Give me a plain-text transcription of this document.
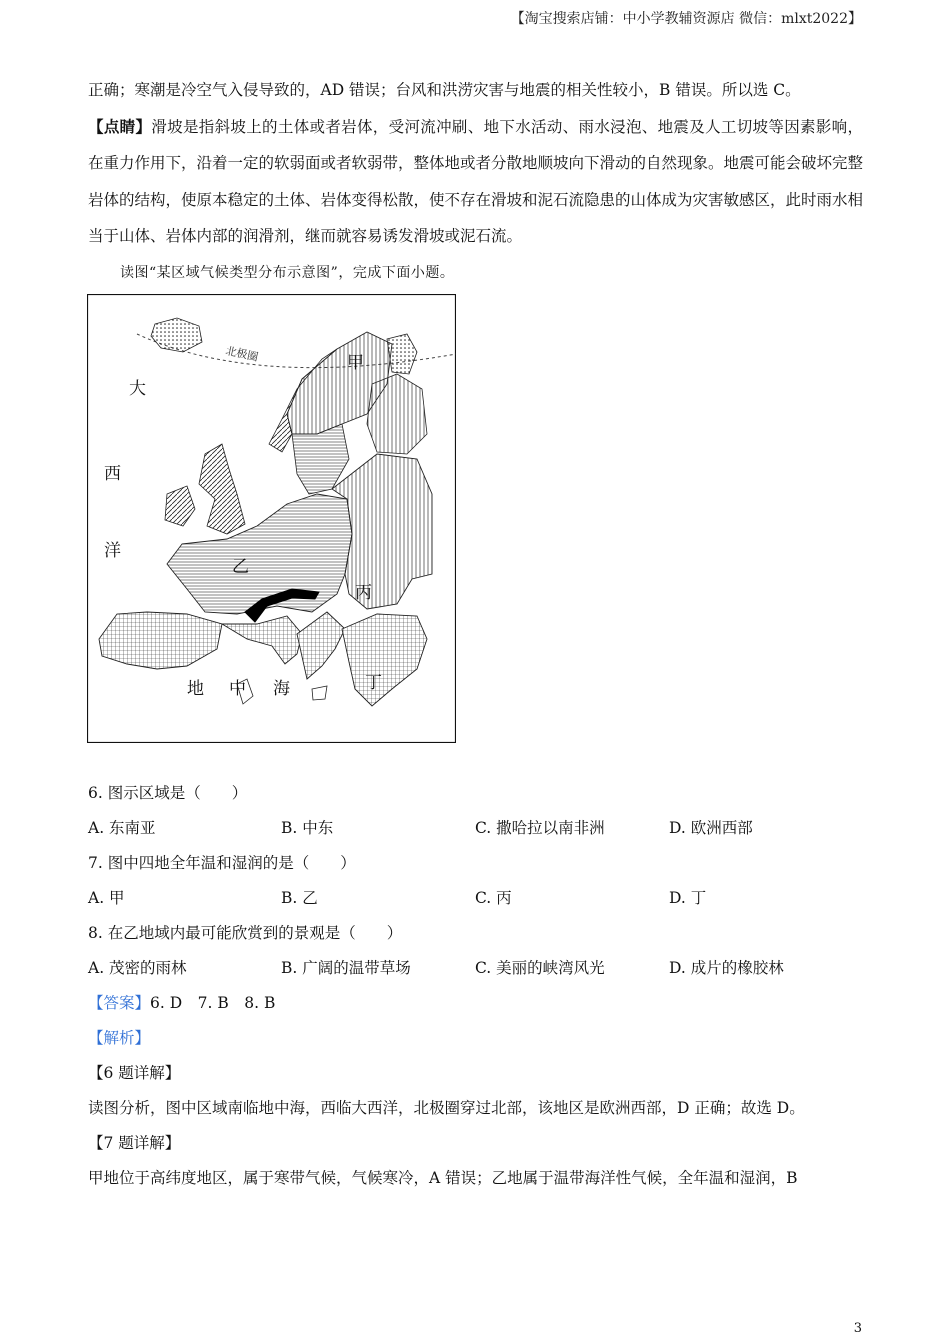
【淘宝搜索店铺：中小学教辅资源店 微信：mlxt2022】

正确；寒潮是冷空气入侵导致的，AD 错误；台风和洪涝灾害与地震的相关性较小，B 错误。所以选 C。

【点睛】滑坡是指斜坡上的土体或者岩体，受河流冲刷、地下水活动、雨水浸泡、地震及人工切坡等因素影响，在重力作用下，沿着一定的软弱面或者软弱带，整体地或者分散地顺坡向下滑动的自然现象。地震可能会破坏完整岩体的结构，使原本稳定的土体、岩体变得松散，使不存在滑坡和泥石流隐患的山体成为灾害敏感区，此时雨水相当于山体、岩体内部的润滑剂，继而就容易诱发滑坡或泥石流。

读图“某区域气候类型分布示意图”，完成下面小题。
北极圈	甲
乙
丙
丁
大
西
洋
地 中 海
6. 图示区域是（　　）
A. 东南亚	B. 中东	C. 撒哈拉以南非洲	D. 欧洲西部
7. 图中四地全年温和湿润的是（　　）
A. 甲	B. 乙	C. 丙	D. 丁
8. 在乙地域内最可能欣赏到的景观是（　　）
A. 茂密的雨林	B. 广阔的温带草场	C. 美丽的峡湾风光	D. 成片的橡胶林
【答案】6. D　7. B　8. B
【解析】
【6 题详解】
读图分析，图中区域南临地中海，西临大西洋，北极圈穿过北部，该地区是欧洲西部，D 正确；故选 D。
【7 题详解】
甲地位于高纬度地区，属于寒带气候，气候寒冷，A 错误；乙地属于温带海洋性气候，全年温和湿润，B
3
